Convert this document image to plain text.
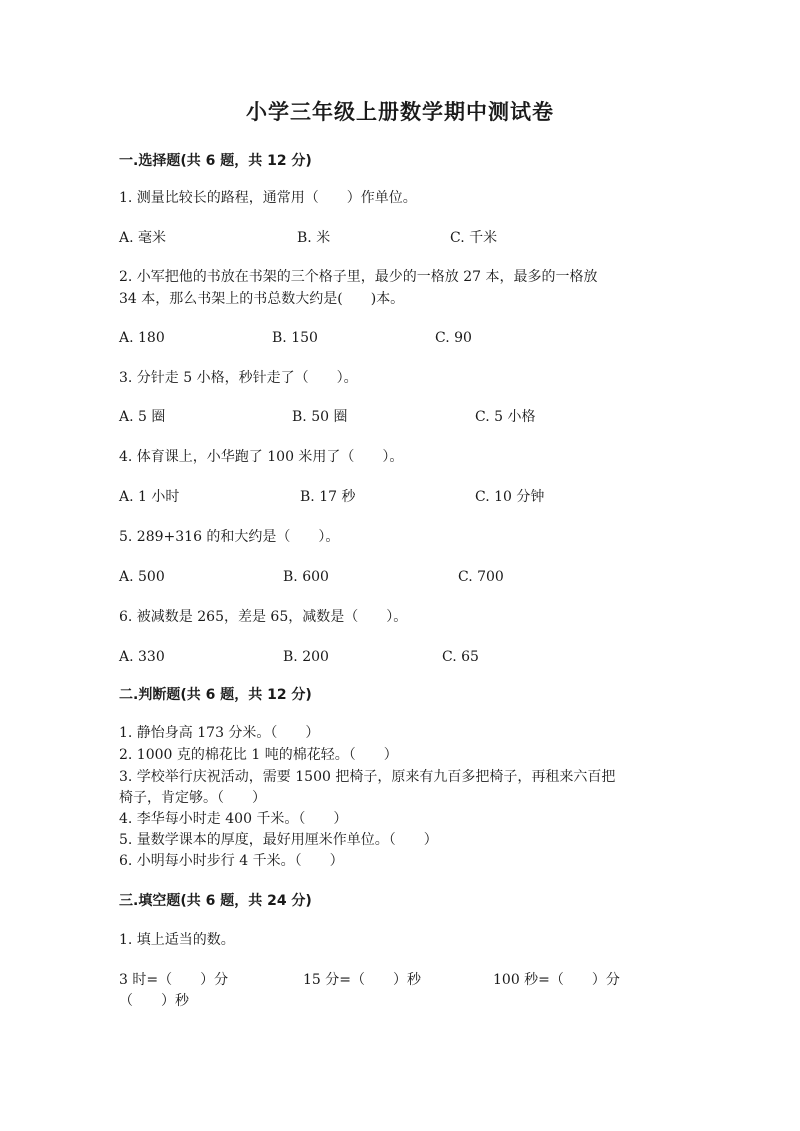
小学三年级上册数学期中测试卷
一.选择题(共 6 题，共 12 分)
1. 测量比较长的路程，通常用（　　）作单位。
A. 毫米	B. 米	C. 千米
2. 小军把他的书放在书架的三个格子里，最少的一格放 27 本，最多的一格放
34 本，那么书架上的书总数大约是(　　)本。
A. 180	B. 150	C. 90
3. 分针走 5 小格，秒针走了（　　）。
A. 5 圈	B. 50 圈	C. 5 小格
4. 体育课上，小华跑了 100 米用了（　　）。
A. 1 小时	B. 17 秒	C. 10 分钟
5. 289+316 的和大约是（　　）。
A. 500	B. 600	C. 700
6. 被减数是 265，差是 65，减数是（　　）。
A. 330	B. 200	C. 65
二.判断题(共 6 题，共 12 分)
1. 静怡身高 173 分米。（　　）
2. 1000 克的棉花比 1 吨的棉花轻。（　　）
3. 学校举行庆祝活动，需要 1500 把椅子，原来有九百多把椅子，再租来六百把
椅子，肯定够。（　　）
4. 李华每小时走 400 千米。（　　）
5. 量数学课本的厚度，最好用厘米作单位。（　　）
6. 小明每小时步行 4 千米。（　　）
三.填空题(共 6 题，共 24 分)
1. 填上适当的数。
3 时=（　　）分	15 分=（　　）秒	100 秒=（　　）分
（　　）秒
